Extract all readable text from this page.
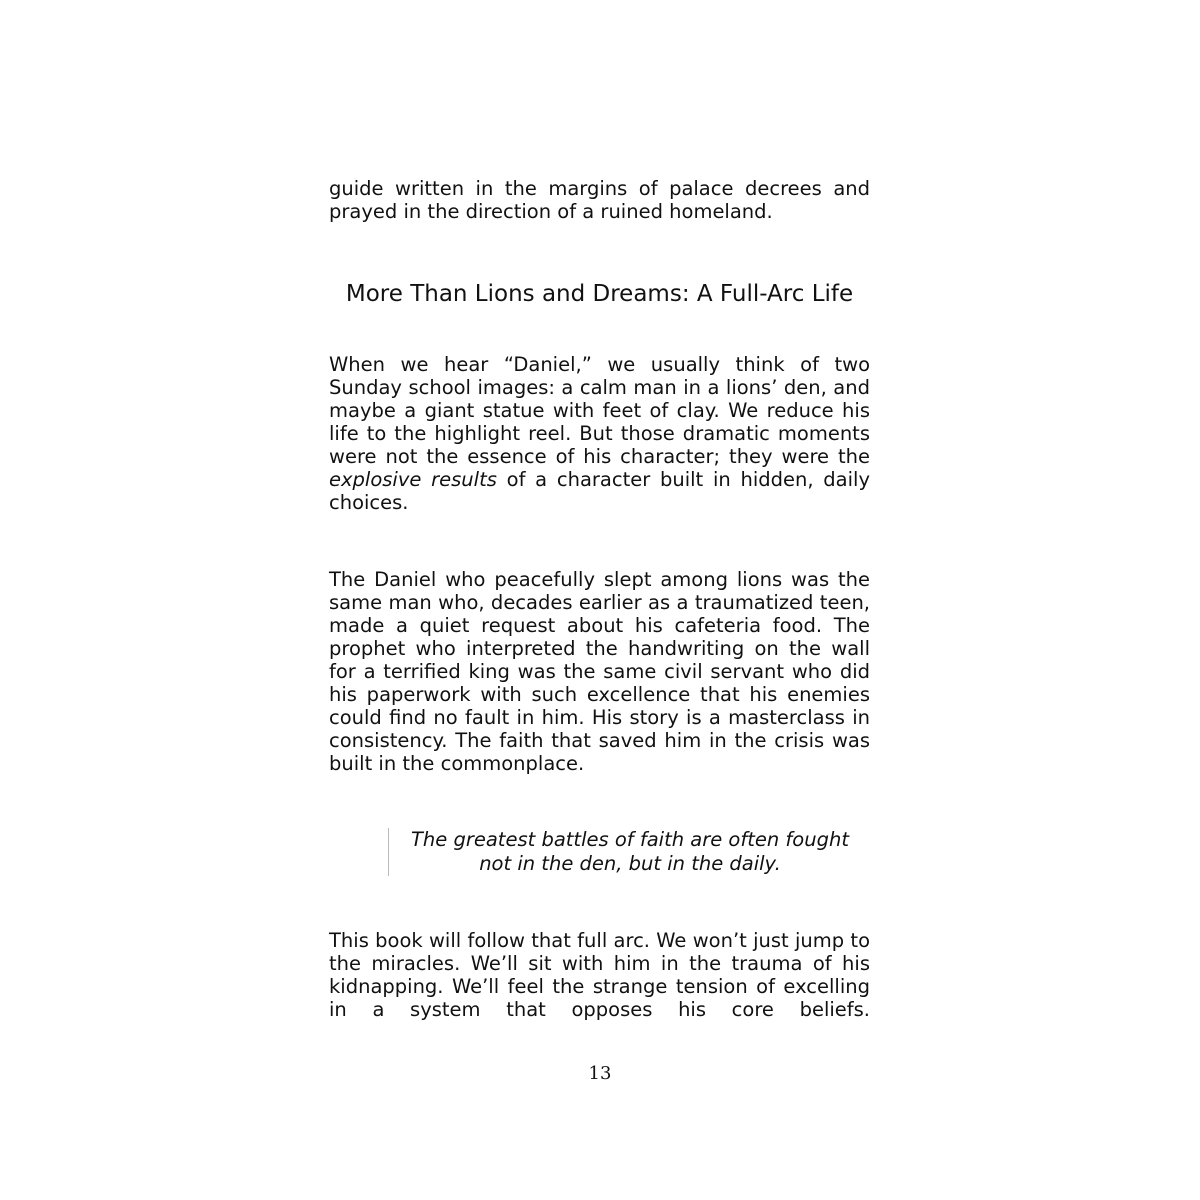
guide written in the margins of palace decrees and prayed in the direction of a ruined homeland.

More Than Lions and Dreams: A Full-Arc Life

When we hear “Daniel,” we usually think of two Sunday school images: a calm man in a lions’ den, and maybe a giant statue with feet of clay. We reduce his life to the highlight reel. But those dramatic moments were not the essence of his character; they were the explosive results of a character built in hidden, daily choices.

The Daniel who peacefully slept among lions was the same man who, decades earlier as a traumatized teen, made a quiet request about his cafeteria food. The prophet who interpreted the handwriting on the wall for a terrified king was the same civil servant who did his paperwork with such excellence that his enemies could find no fault in him. His story is a masterclass in consistency. The faith that saved him in the crisis was built in the commonplace.

The greatest battles of faith are often fought
not in the den, but in the daily.

This book will follow that full arc. We won’t just jump to the miracles. We’ll sit with him in the trauma of his kidnapping. We’ll feel the strange tension of excelling in a system that opposes his core beliefs.

13
